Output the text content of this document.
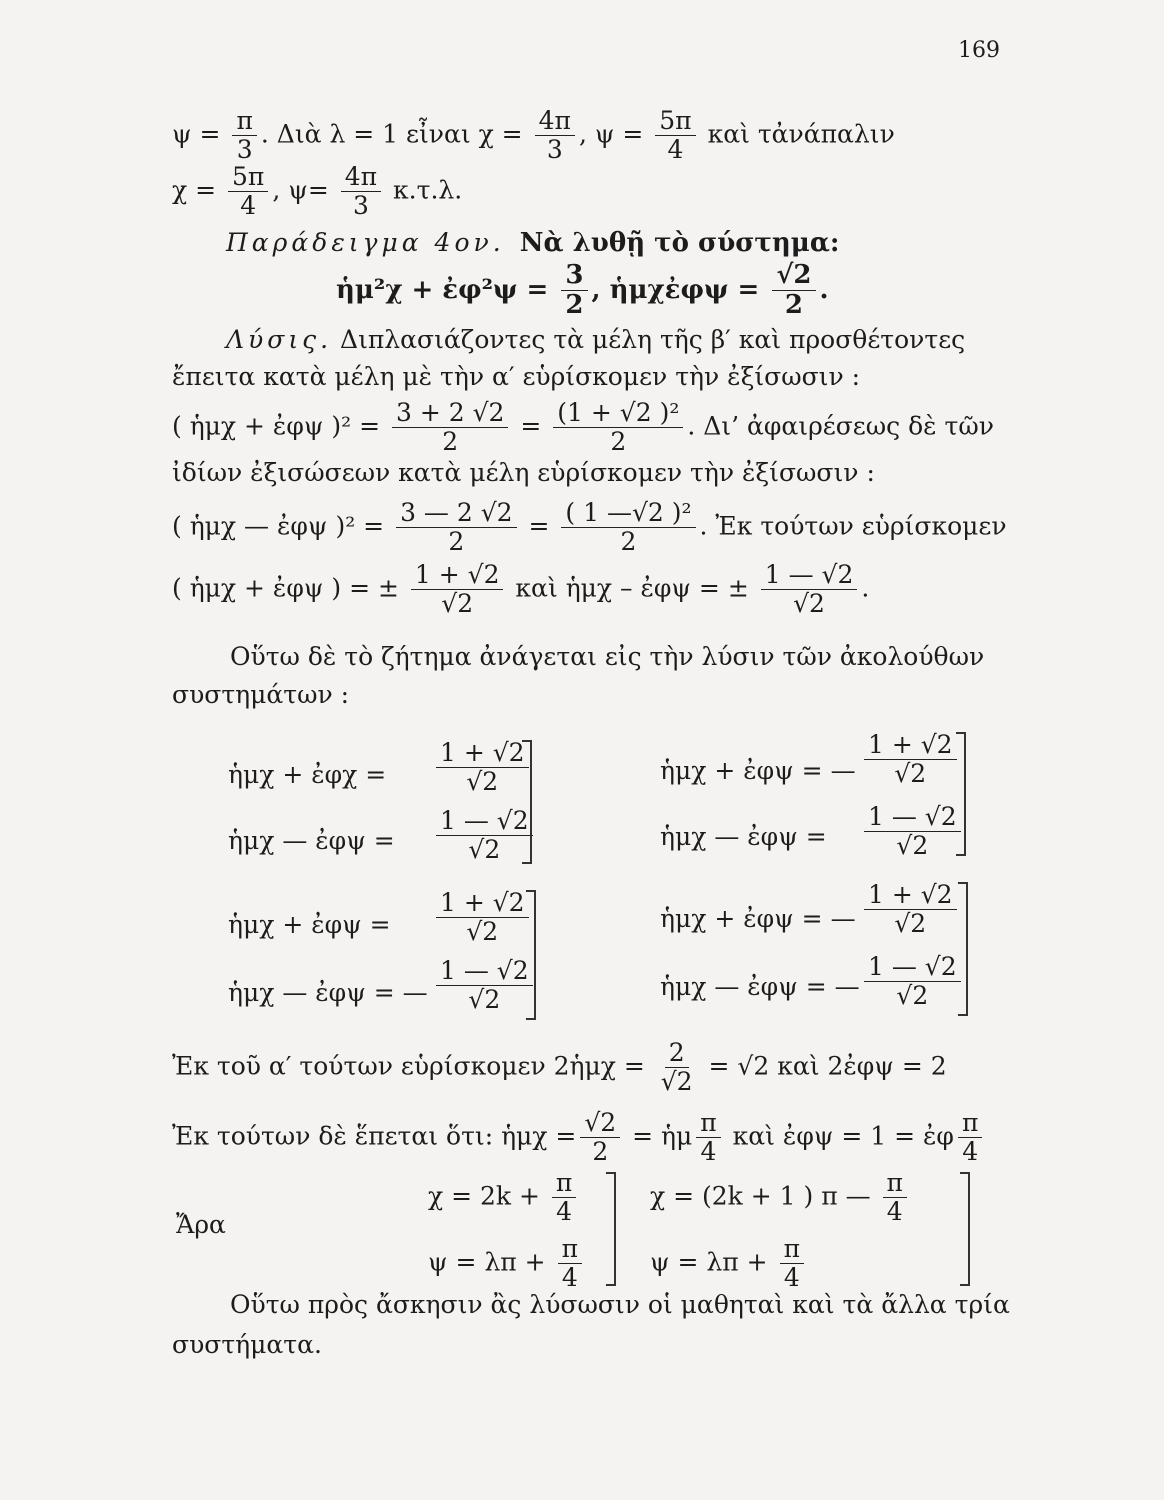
169
$\psi = \frac{\pi}{3}$ . Διὰ λ = 1 εἶναι $\chi = \frac{4\pi}{3}$ , $\psi = \frac{5\pi}{4}$ καὶ τἀνάπαλιν
$\chi = \frac{5\pi}{4}$ , $\psi= \frac{4\pi}{3} \kappa.\tau.\lambda$.
Παράδειγμα 4ον. Νὰ λυθῇ τὸ σύστημα:
ἡμ²χ + ἐφ²ψ = $\frac{3}{2}$ , ἡμχἐφψ = $\frac{√2}{2}$ .
Λύσις. Διπλασιάζοντες τὰ μέλη τῆς β′ καὶ προσθέτοντες
ἔπειτα κατὰ μέλη μὲ τὴν α′ εὑρίσκομεν τὴν ἐξίσωσιν :
( ἡμχ + ἐφψ )$^2 = \frac{3 + 2 √2}{2} = \frac{\text{(1 + √2 )²}}{2}$ . Δι’ ἀφαιρέσεως δὲ τῶν
ἰδίων ἐξισώσεων κατὰ μέλη εὑρίσκομεν τὴν ἐξίσωσιν :
( ἡμχ — ἐφψ )$^2 = \frac{3 — 2 √2}{2} = \frac{\text{( 1 —√2 )²}}{2}$ . Ἐκ τούτων εὑρίσκομεν
( ἡμχ + ἐφψ ) = ± $\frac{1 + √2}{√2}$ καὶ ἡμχ – ἐφψ = ± $\frac{1 — √2}{√2}$ .
Οὕτω δὲ τὸ ζήτημα ἀνάγεται εἰς τὴν λύσιν τῶν ἀκολούθων
συστημάτων :
ἡμχ + ἐφχ = $\frac{1 + √2}{√2}$
ἡμχ — ἐφψ = $\frac{1 — √2}{√2}$
ἡμχ + ἐφψ = — $\frac{1 + √2}{√2}$
ἡμχ — ἐφψ = $\frac{1 — √2}{√2}$
ἡμχ + ἐφψ = $\frac{1 + √2}{√2}$
ἡμχ — ἐφψ = — $\frac{1 — √2}{√2}$
ἡμχ + ἐφψ = — $\frac{1 + √2}{√2}$
ἡμχ — ἐφψ = — $\frac{1 — √2}{√2}$
Ἐκ τοῦ α′ τούτων εὑρίσκομεν 2ἡμχ = $\frac{2}{√2} = √2$ καὶ 2ἐφψ = 2
Ἐκ τούτων δὲ ἕπεται ὅτι: ἡμχ = $\frac{√2}{2}$ = ἡμ $\frac{\pi}{4}$ καὶ ἐφψ = 1 = ἐφ $\frac{\pi}{4}$
Ἄρα
$\chi = 2k + \frac{\pi}{4}$
$\psi = \lambda\pi + \frac{\pi}{4}$
χ = (2k + 1 ) π — $\frac{\pi}{4}$
$\psi = \lambda\pi + \frac{\pi}{4}$
Οὕτω πρὸς ἄσκησιν ἂς λύσωσιν οἱ μαθηταὶ καὶ τὰ ἄλλα τρία
συστήματα.
